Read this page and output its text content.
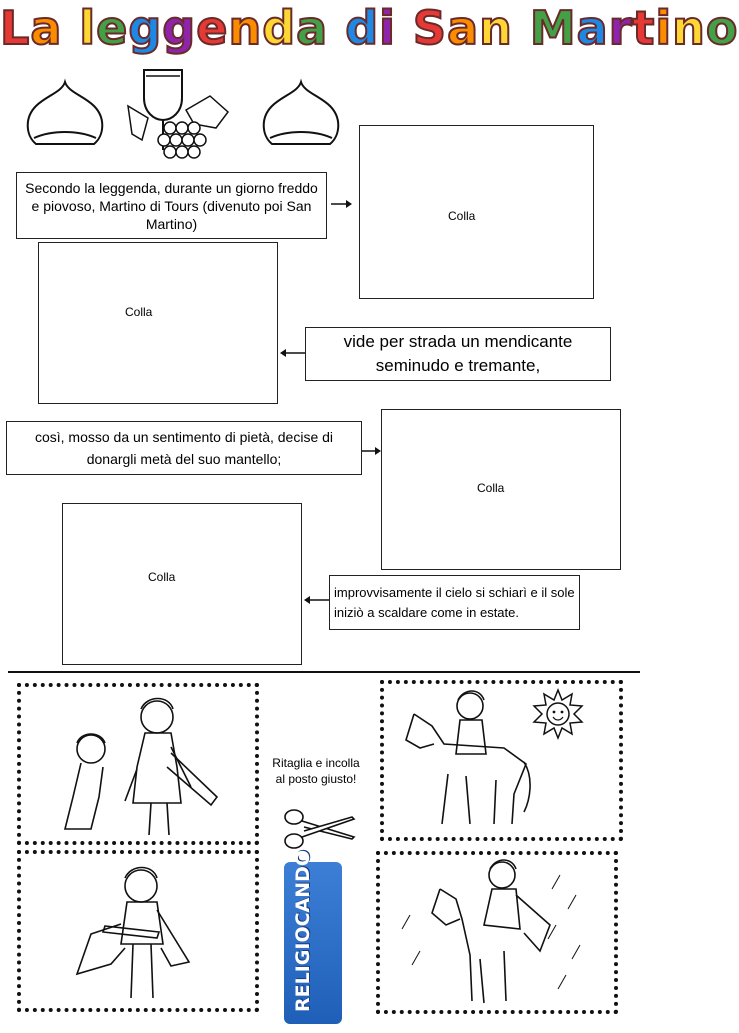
La leggenda di San Martino
Secondo la leggenda, durante un giorno freddo e piovoso, Martino di Tours (divenuto poi San Martino)
vide per strada un mendicante seminudo e tremante,
così, mosso da un sentimento di pietà, decise di donargli metà del suo mantello;
improvvisamente il cielo si schiarì e il sole iniziò a scaldare come in estate.
Colla
Colla
Colla
Colla
Ritaglia e incolla al posto giusto!
RELIGIOCANDO
